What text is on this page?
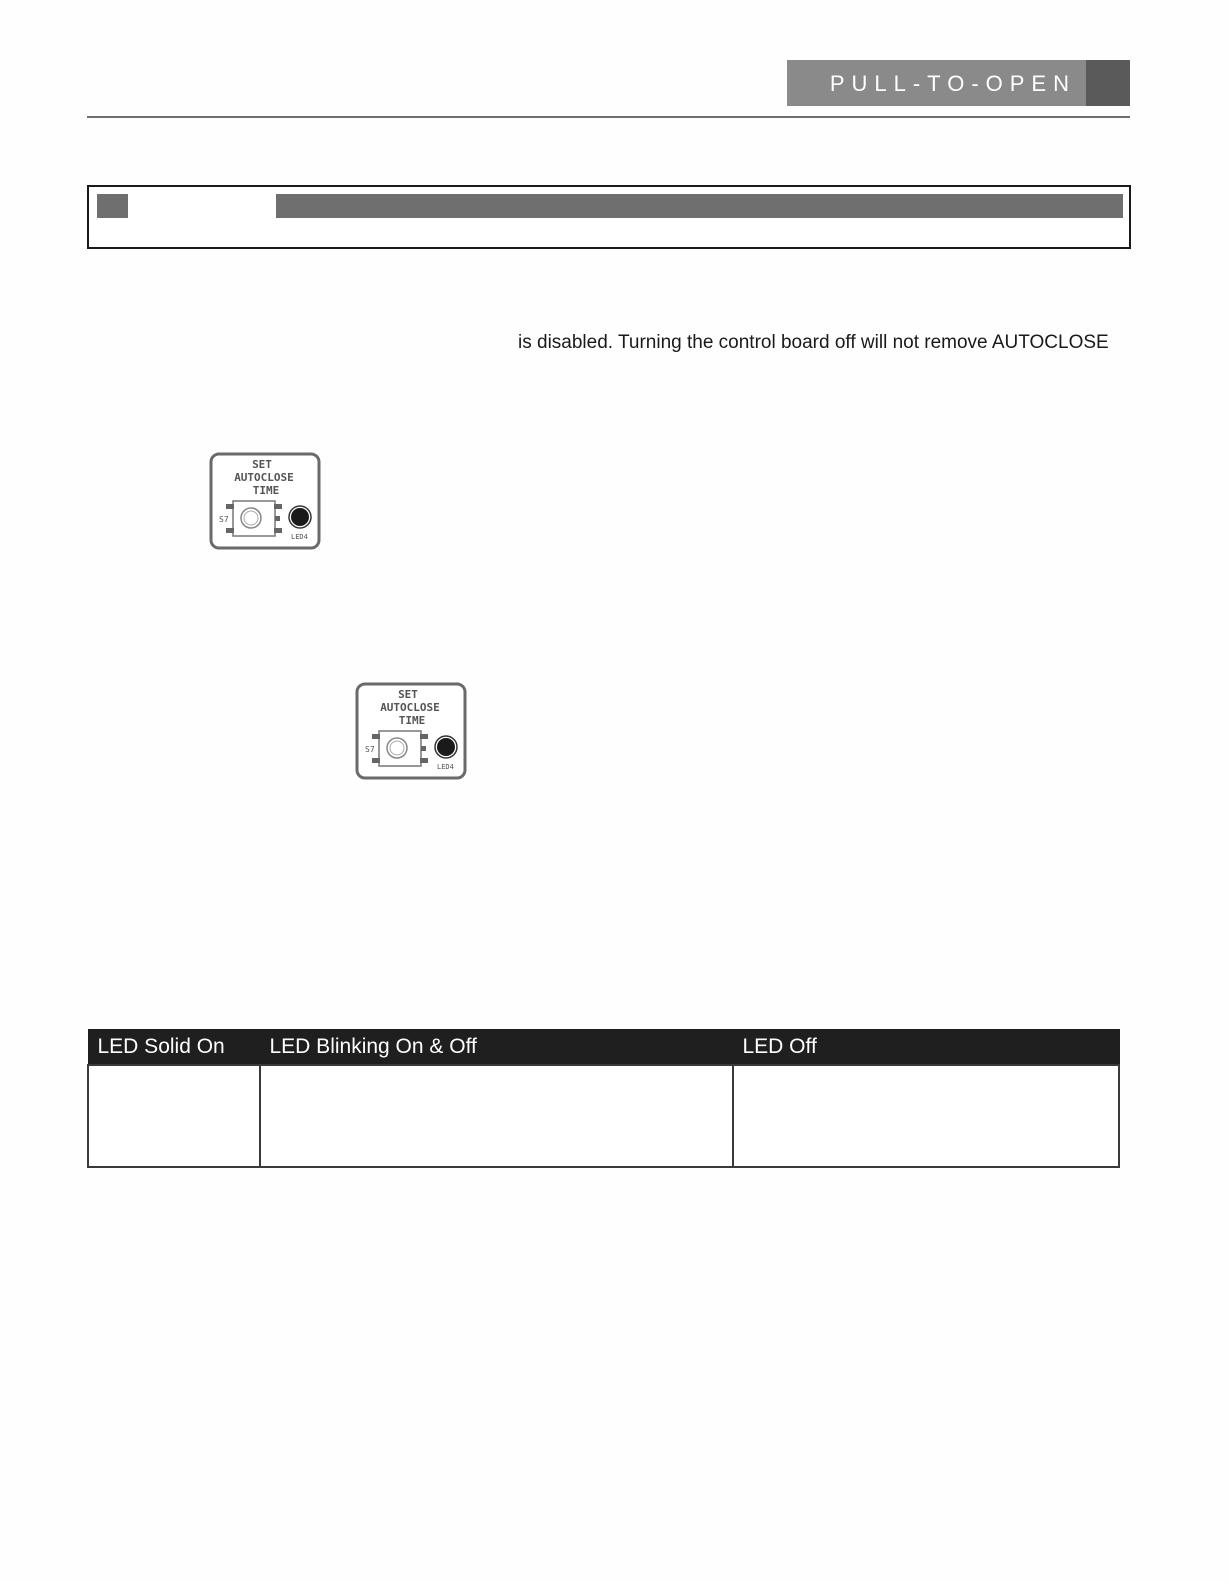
PULL-TO-OPEN
is disabled. Turning the control board off will not remove AUTOCLOSE
SET
AUTOCLOSE
TIME
S7
LED4
SET
AUTOCLOSE
TIME
S7
LED4
LED Solid On	LED Blinking On & Off	LED Off
